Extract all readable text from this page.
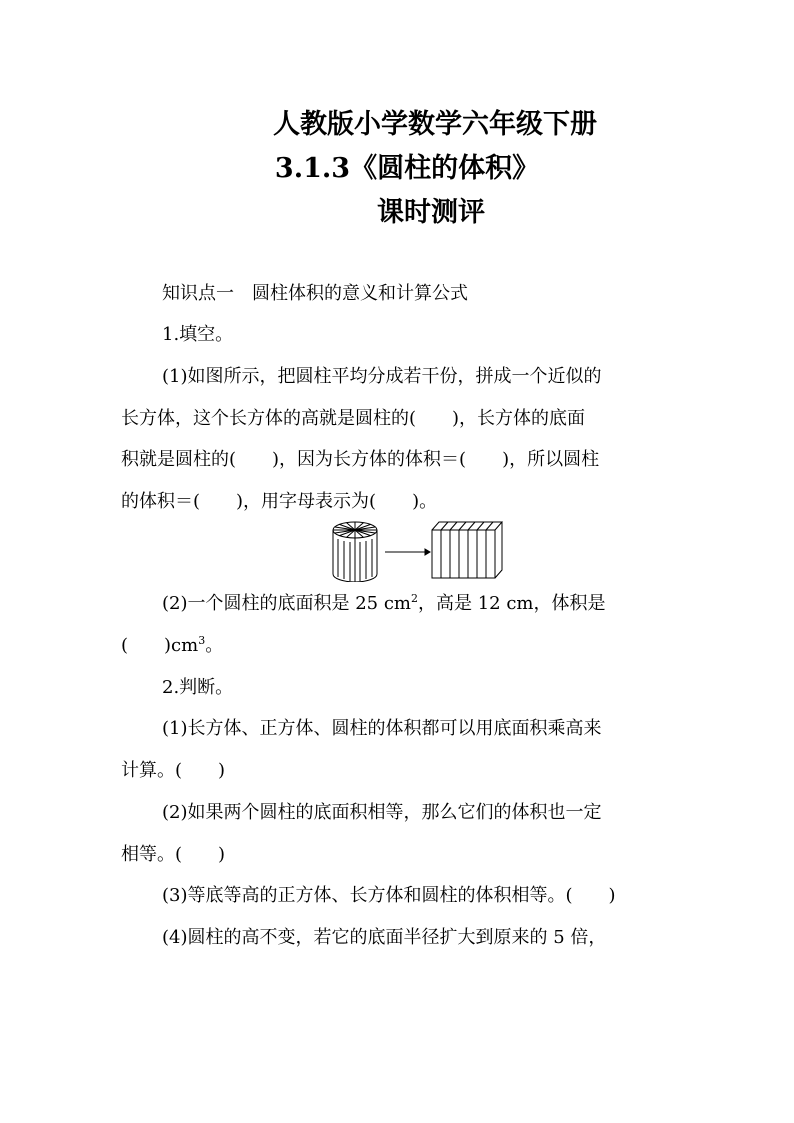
人教版小学数学六年级下册
3.1.3《圆柱的体积》
课时测评
知识点一　圆柱体积的意义和计算公式
1.填空。
(1)如图所示，把圆柱平均分成若干份，拼成一个近似的
长方体，这个长方体的高就是圆柱的(　　)，长方体的底面
积就是圆柱的(　　)，因为长方体的体积＝(　　)，所以圆柱
的体积＝(　　)，用字母表示为(　　)。
(2)一个圆柱的底面积是 25 $cm^2$，高是 12 cm，体积是
(　　)$cm^3$。
2.判断。
(1)长方体、正方体、圆柱的体积都可以用底面积乘高来
计算。(　　)
(2)如果两个圆柱的底面积相等，那么它们的体积也一定
相等。(　　)
(3)等底等高的正方体、长方体和圆柱的体积相等。(　　)
(4)圆柱的高不变，若它的底面半径扩大到原来的 5 倍，
